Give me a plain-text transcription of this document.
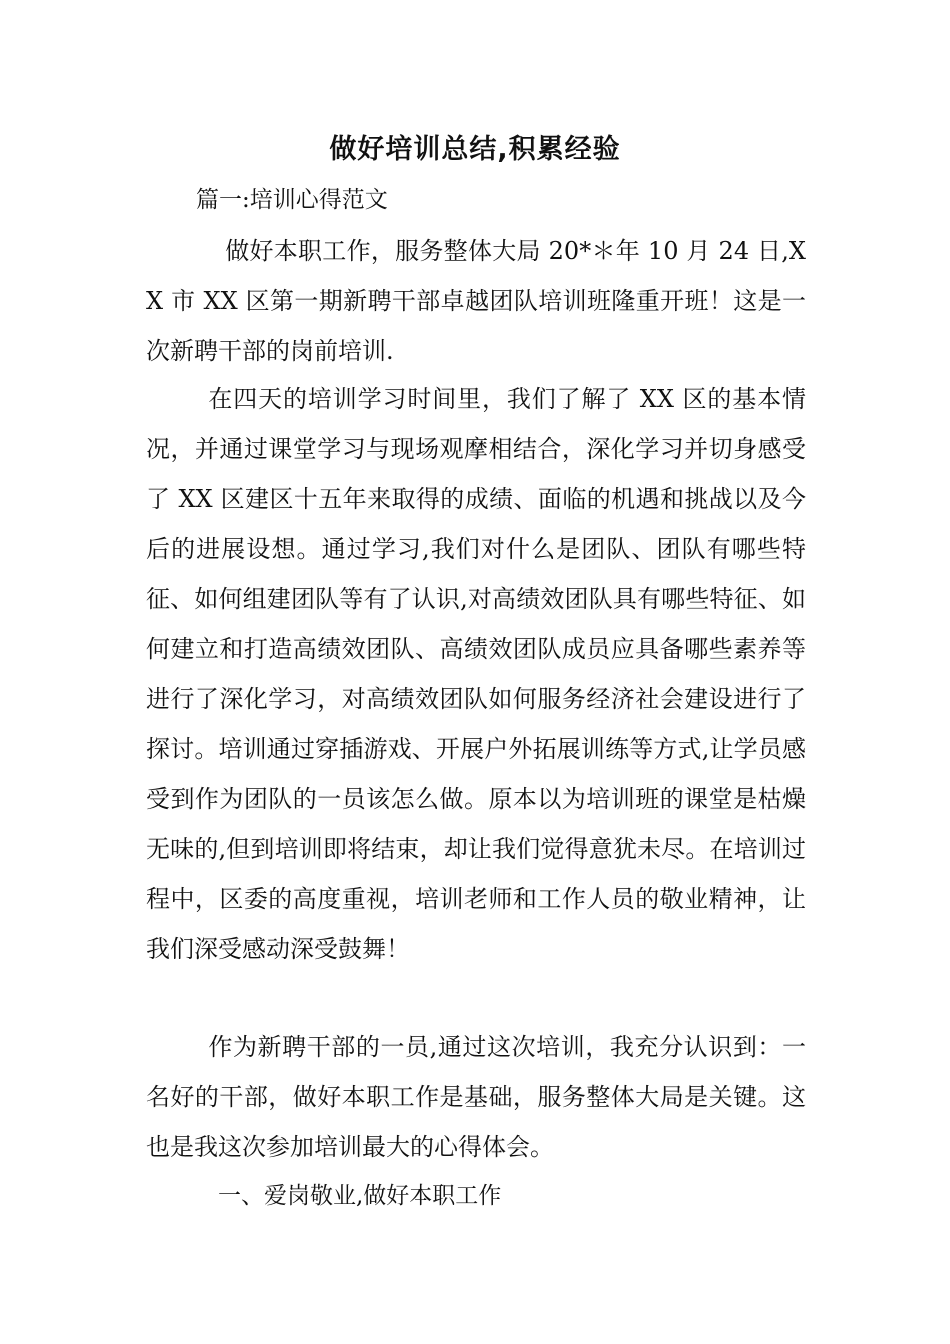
做好培训总结,积累经验
篇一:培训心得范文

做好本职工作，服务整体大局 20*＊年 10 月 24 日,XX 市 XX 区第一期新聘干部卓越团队培训班隆重开班！这是一次新聘干部的岗前培训.

在四天的培训学习时间里，我们了解了 XX 区的基本情况，并通过课堂学习与现场观摩相结合，深化学习并切身感受了 XX 区建区十五年来取得的成绩、面临的机遇和挑战以及今后的进展设想。通过学习,我们对什么是团队、团队有哪些特征、如何组建团队等有了认识,对高绩效团队具有哪些特征、如何建立和打造高绩效团队、高绩效团队成员应具备哪些素养等进行了深化学习，对高绩效团队如何服务经济社会建设进行了探讨。培训通过穿插游戏、开展户外拓展训练等方式,让学员感受到作为团队的一员该怎么做。原本以为培训班的课堂是枯燥无味的,但到培训即将结束，却让我们觉得意犹未尽。在培训过程中，区委的高度重视，培训老师和工作人员的敬业精神，让我们深受感动深受鼓舞！

作为新聘干部的一员,通过这次培训，我充分认识到：一名好的干部，做好本职工作是基础，服务整体大局是关键。这也是我这次参加培训最大的心得体会。

一、爱岗敬业,做好本职工作
